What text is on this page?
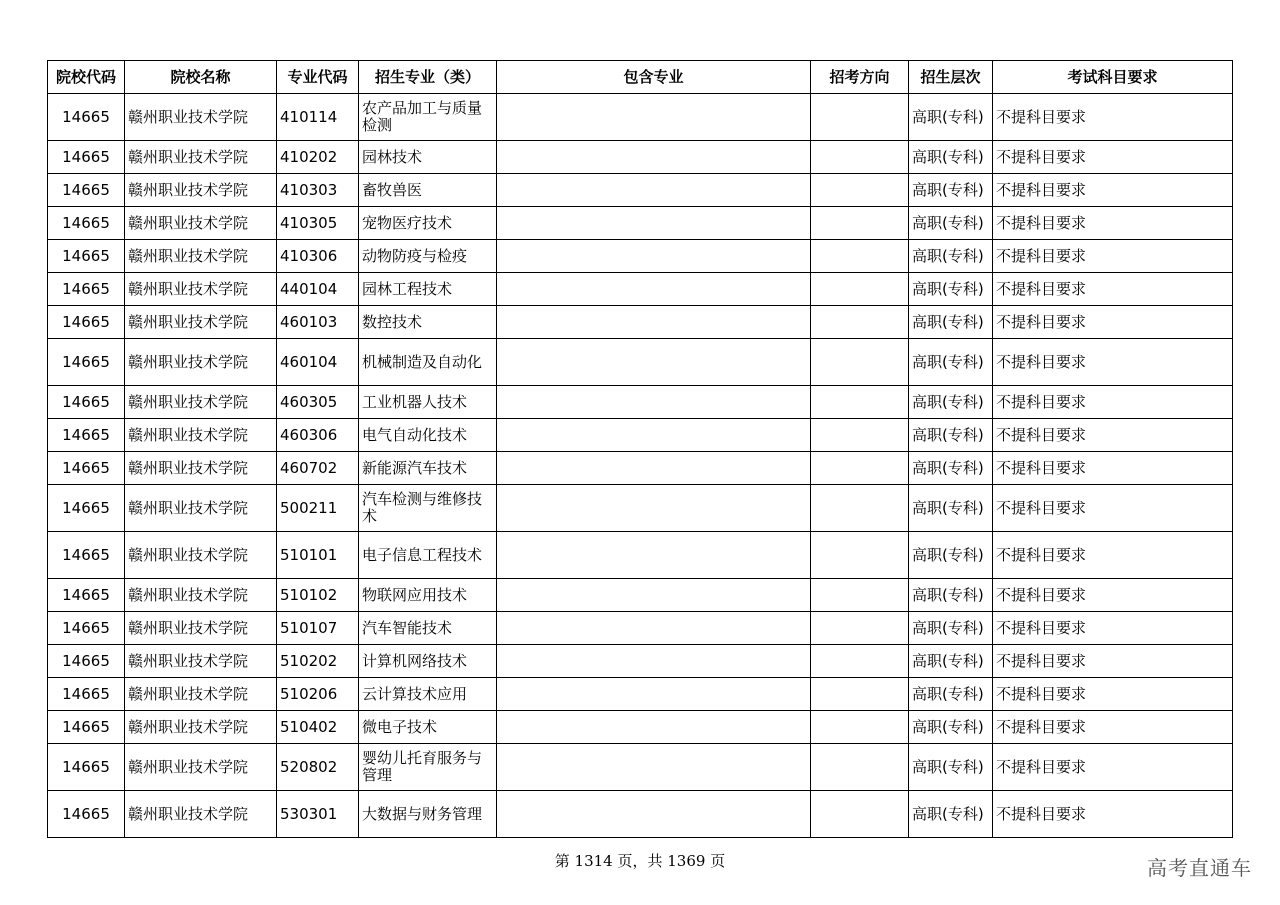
院校代码	院校名称	专业代码	招生专业（类）	包含专业	招考方向	招生层次	考试科目要求
14665	赣州职业技术学院	410114	农产品加工与质量检测			高职(专科)	不提科目要求
14665	赣州职业技术学院	410202	园林技术			高职(专科)	不提科目要求
14665	赣州职业技术学院	410303	畜牧兽医			高职(专科)	不提科目要求
14665	赣州职业技术学院	410305	宠物医疗技术			高职(专科)	不提科目要求
14665	赣州职业技术学院	410306	动物防疫与检疫			高职(专科)	不提科目要求
14665	赣州职业技术学院	440104	园林工程技术			高职(专科)	不提科目要求
14665	赣州职业技术学院	460103	数控技术			高职(专科)	不提科目要求
14665	赣州职业技术学院	460104	机械制造及自动化			高职(专科)	不提科目要求
14665	赣州职业技术学院	460305	工业机器人技术			高职(专科)	不提科目要求
14665	赣州职业技术学院	460306	电气自动化技术			高职(专科)	不提科目要求
14665	赣州职业技术学院	460702	新能源汽车技术			高职(专科)	不提科目要求
14665	赣州职业技术学院	500211	汽车检测与维修技术			高职(专科)	不提科目要求
14665	赣州职业技术学院	510101	电子信息工程技术			高职(专科)	不提科目要求
14665	赣州职业技术学院	510102	物联网应用技术			高职(专科)	不提科目要求
14665	赣州职业技术学院	510107	汽车智能技术			高职(专科)	不提科目要求
14665	赣州职业技术学院	510202	计算机网络技术			高职(专科)	不提科目要求
14665	赣州职业技术学院	510206	云计算技术应用			高职(专科)	不提科目要求
14665	赣州职业技术学院	510402	微电子技术			高职(专科)	不提科目要求
14665	赣州职业技术学院	520802	婴幼儿托育服务与管理			高职(专科)	不提科目要求
14665	赣州职业技术学院	530301	大数据与财务管理			高职(专科)	不提科目要求
第 1314 页，共 1369 页	高考直通车
